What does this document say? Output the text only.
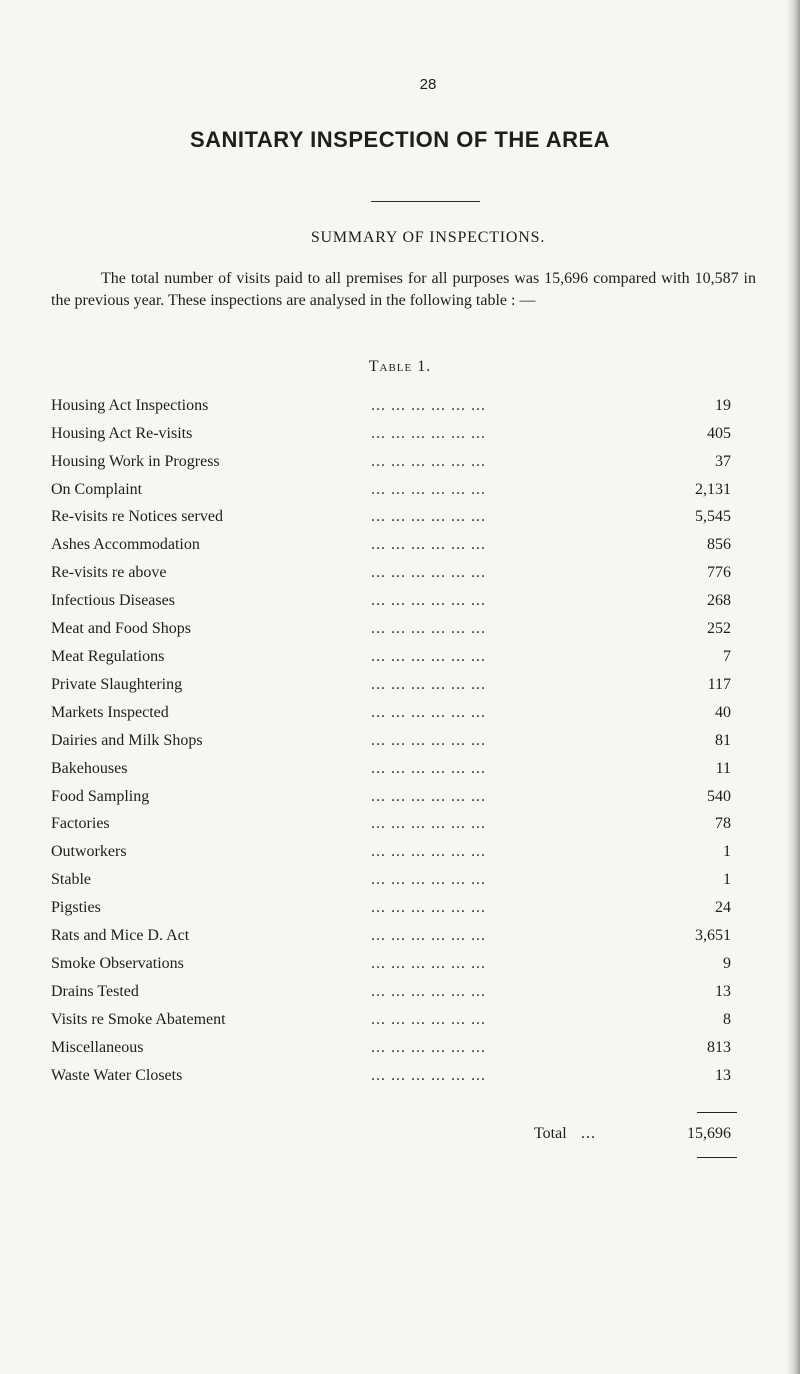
28
SANITARY INSPECTION OF THE AREA
SUMMARY OF INSPECTIONS.
The total number of visits paid to all premises for all purposes was 15,696 compared with 10,587 in the previous year. These inspections are analysed in the following table : —
Table 1.
Housing Act Inspections	... ... ... ... ... ...	19
Housing Act Re-visits	... ... ... ... ... ...	405
Housing Work in Progress	... ... ... ... ... ...	37
On Complaint	... ... ... ... ... ...	2,131
Re-visits re Notices served	... ... ... ... ... ...	5,545
Ashes Accommodation	... ... ... ... ... ...	856
Re-visits re above	... ... ... ... ... ...	776
Infectious Diseases	... ... ... ... ... ...	268
Meat and Food Shops	... ... ... ... ... ...	252
Meat Regulations	... ... ... ... ... ...	7
Private Slaughtering	... ... ... ... ... ...	117
Markets Inspected	... ... ... ... ... ...	40
Dairies and Milk Shops	... ... ... ... ... ...	81
Bakehouses	... ... ... ... ... ...	11
Food Sampling	... ... ... ... ... ...	540
Factories	... ... ... ... ... ...	78
Outworkers	... ... ... ... ... ...	1
Stable	... ... ... ... ... ...	1
Pigsties	... ... ... ... ... ...	24
Rats and Mice D. Act	... ... ... ... ... ...	3,651
Smoke Observations	... ... ... ... ... ...	9
Drains Tested	... ... ... ... ... ...	13
Visits re Smoke Abatement	... ... ... ... ... ...	8
Miscellaneous	... ... ... ... ... ...	813
Waste Water Closets	... ... ... ... ... ...	13
Total ...	15,696
